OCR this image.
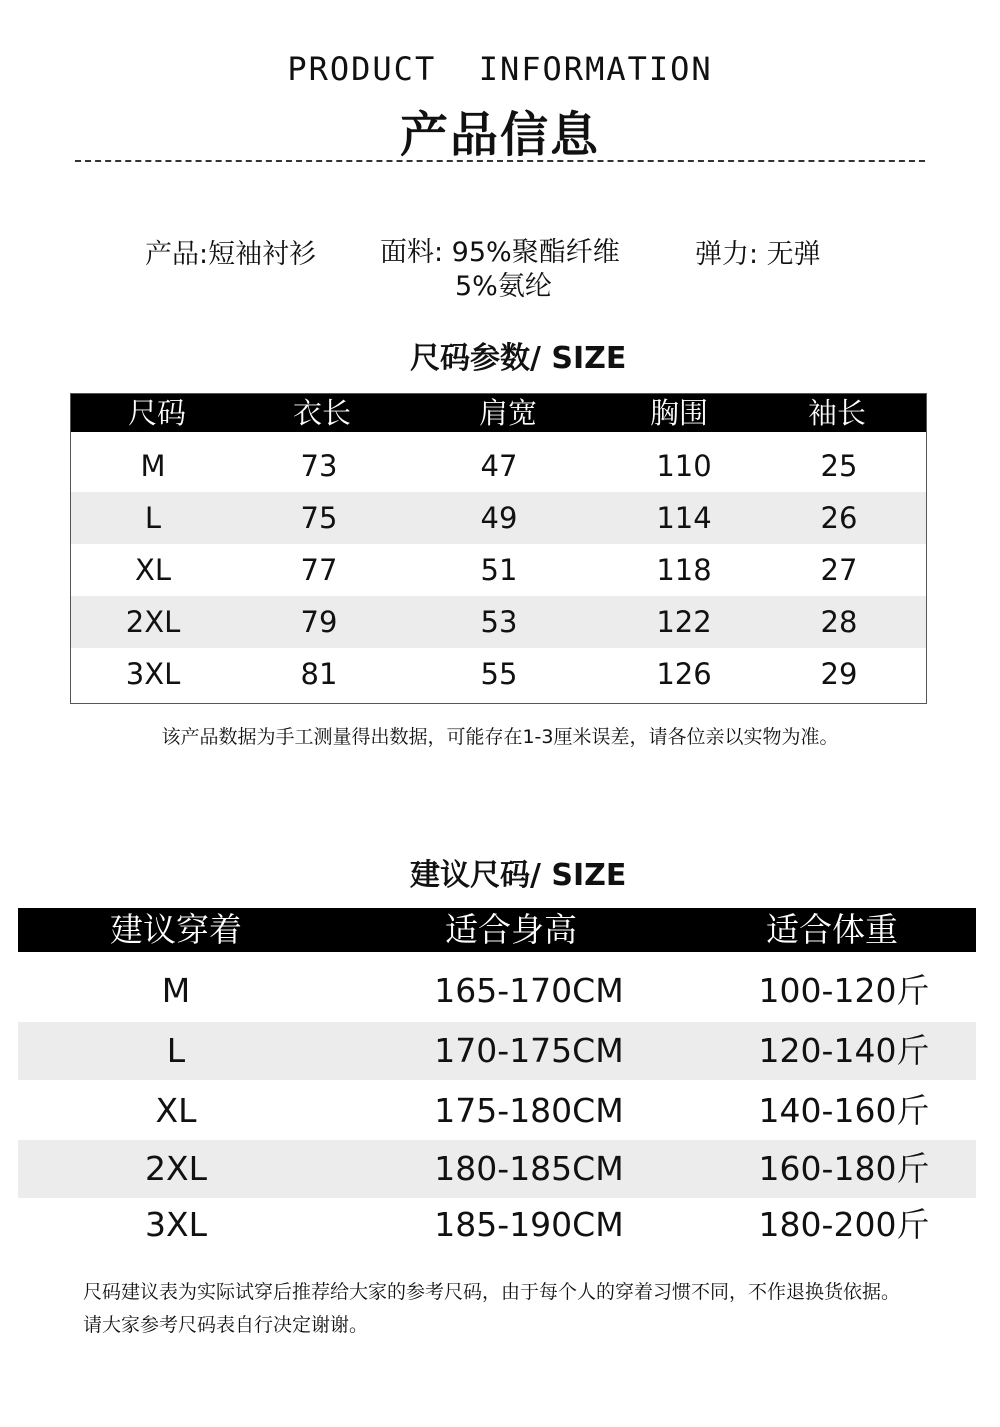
PRODUCT  INFORMATION
产品信息
产品:短袖衬衫 面料: 95%聚酯纤维
5%氨纶
弹力: 无弹
尺码参数/ SIZE
尺码	衣长	肩宽	胸围	袖长
M	73	47	110	25
L	75	49	114	26
XL	77	51	118	27
2XL	79	53	122	28
3XL	81	55	126	29
该产品数据为手工测量得出数据，可能存在1-3厘米误差，请各位亲以实物为准。
建议尺码/ SIZE
建议穿着	适合身高	适合体重
M	165-170CM	100-120斤
L	170-175CM	120-140斤
XL	175-180CM	140-160斤
2XL	180-185CM	160-180斤
3XL	185-190CM	180-200斤
尺码建议表为实际试穿后推荐给大家的参考尺码，由于每个人的穿着习惯不同，不作退换货依据。
请大家参考尺码表自行决定谢谢。
